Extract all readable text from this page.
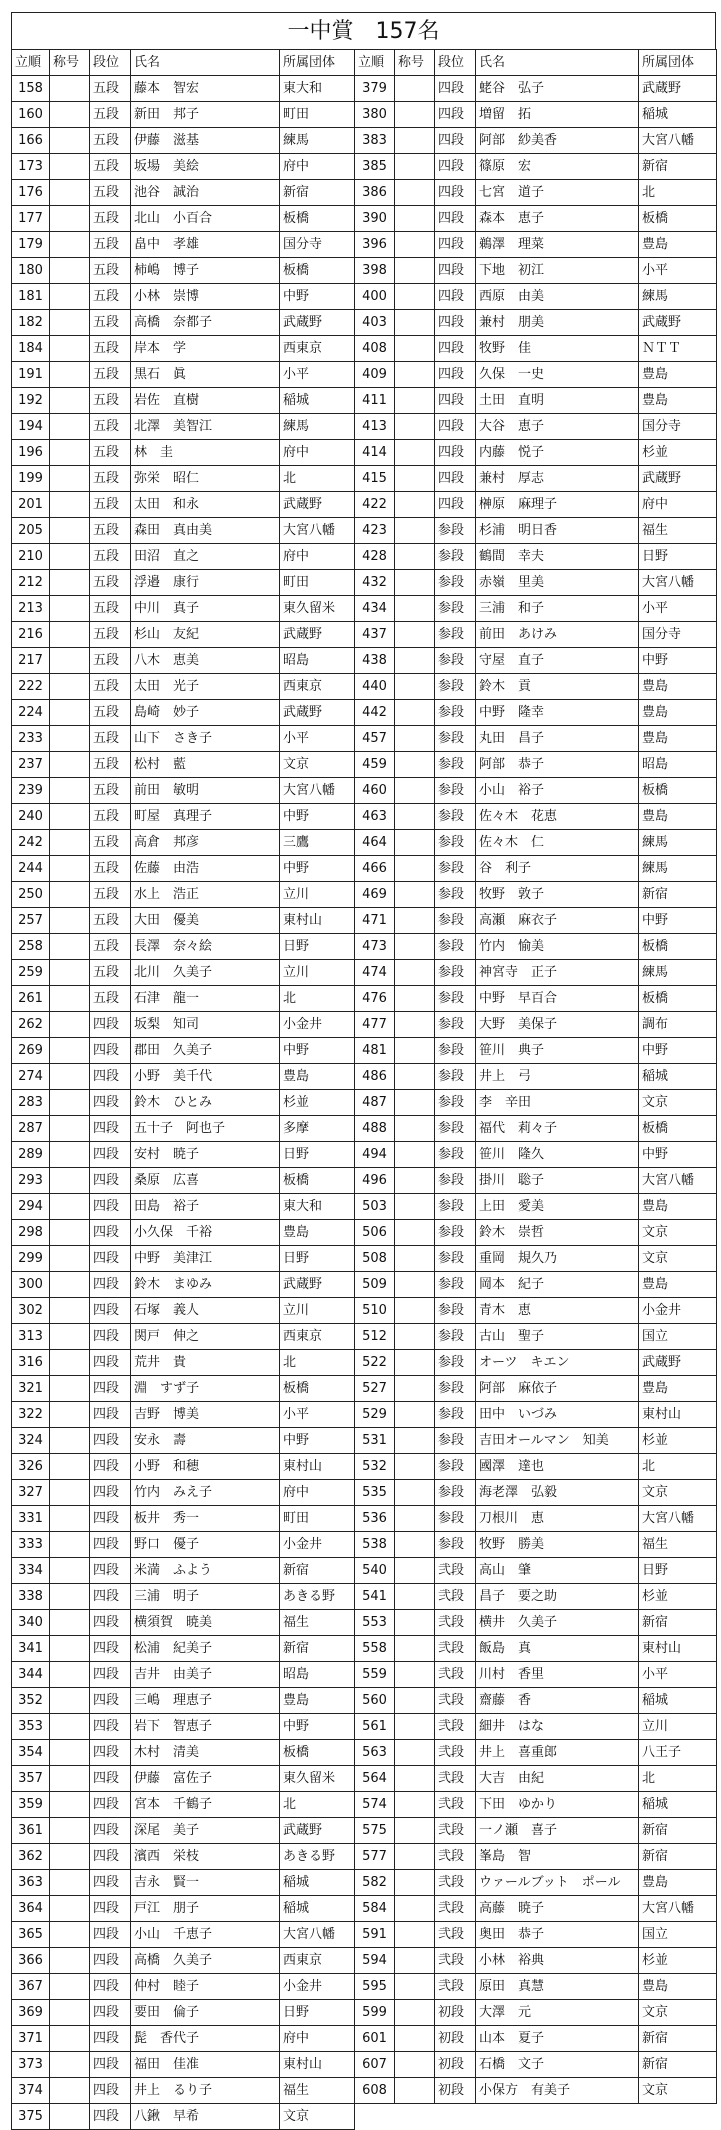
一中賞　157名
立順	称号	段位	氏名	所属団体	立順	称号	段位	氏名	所属団体
158		五段	藤本　智宏	東大和	379		四段	蛯谷　弘子	武蔵野
160		五段	新田　邦子	町田	380		四段	増留　拓	稲城
166		五段	伊藤　滋基	練馬	383		四段	阿部　紗美香	大宮八幡
173		五段	坂場　美絵	府中	385		四段	篠原　宏	新宿
176		五段	池谷　誠治	新宿	386		四段	七宮　道子	北
177		五段	北山　小百合	板橋	390		四段	森本　恵子	板橋
179		五段	畠中　孝雄	国分寺	396		四段	鵜澤　理菜	豊島
180		五段	柿嶋　博子	板橋	398		四段	下地　初江	小平
181		五段	小林　崇博	中野	400		四段	西原　由美	練馬
182		五段	高橋　奈都子	武蔵野	403		四段	兼村　朋美	武蔵野
184		五段	岸本　学	西東京	408		四段	牧野　佳	ＮＴＴ
191		五段	黒石　眞	小平	409		四段	久保　一史	豊島
192		五段	岩佐　直樹	稲城	411		四段	土田　直明	豊島
194		五段	北澤　美智江	練馬	413		四段	大谷　恵子	国分寺
196		五段	林　圭	府中	414		四段	内藤　悦子	杉並
199		五段	弥栄　昭仁	北	415		四段	兼村　厚志	武蔵野
201		五段	太田　和永	武蔵野	422		四段	榊原　麻理子	府中
205		五段	森田　真由美	大宮八幡	423		参段	杉浦　明日香	福生
210		五段	田沼　直之	府中	428		参段	鶴間　幸夫	日野
212		五段	浮邉　康行	町田	432		参段	赤嶺　里美	大宮八幡
213		五段	中川　真子	東久留米	434		参段	三浦　和子	小平
216		五段	杉山　友紀	武蔵野	437		参段	前田　あけみ	国分寺
217		五段	八木　恵美	昭島	438		参段	守屋　直子	中野
222		五段	太田　光子	西東京	440		参段	鈴木　貢	豊島
224		五段	島崎　妙子	武蔵野	442		参段	中野　隆幸	豊島
233		五段	山下　さき子	小平	457		参段	丸田　昌子	豊島
237		五段	松村　藍	文京	459		参段	阿部　恭子	昭島
239		五段	前田　敏明	大宮八幡	460		参段	小山　裕子	板橋
240		五段	町屋　真理子	中野	463		参段	佐々木　花恵	豊島
242		五段	高倉　邦彦	三鷹	464		参段	佐々木　仁	練馬
244		五段	佐藤　由浩	中野	466		参段	谷　利子	練馬
250		五段	水上　浩正	立川	469		参段	牧野　敦子	新宿
257		五段	大田　優美	東村山	471		参段	高瀬　麻衣子	中野
258		五段	長澤　奈々絵	日野	473		参段	竹内　愉美	板橋
259		五段	北川　久美子	立川	474		参段	神宮寺　正子	練馬
261		五段	石津　龍一	北	476		参段	中野　早百合	板橋
262		四段	坂梨　知司	小金井	477		参段	大野　美保子	調布
269		四段	郡田　久美子	中野	481		参段	笹川　典子	中野
274		四段	小野　美千代	豊島	486		参段	井上　弓	稲城
283		四段	鈴木　ひとみ	杉並	487		参段	李　辛田	文京
287		四段	五十子　阿也子	多摩	488		参段	福代　莉々子	板橋
289		四段	安村　暁子	日野	494		参段	笹川　隆久	中野
293		四段	桑原　広喜	板橋	496		参段	掛川　聡子	大宮八幡
294		四段	田島　裕子	東大和	503		参段	上田　愛美	豊島
298		四段	小久保　千裕	豊島	506		参段	鈴木　崇哲	文京
299		四段	中野　美津江	日野	508		参段	重岡　規久乃	文京
300		四段	鈴木　まゆみ	武蔵野	509		参段	岡本　紀子	豊島
302		四段	石塚　義人	立川	510		参段	青木　恵	小金井
313		四段	関戸　伸之	西東京	512		参段	古山　聖子	国立
316		四段	荒井　貴	北	522		参段	オーツ　キエン	武蔵野
321		四段	淵　すず子	板橋	527		参段	阿部　麻依子	豊島
322		四段	吉野　博美	小平	529		参段	田中　いづみ	東村山
324		四段	安永　壽	中野	531		参段	吉田オールマン　知美	杉並
326		四段	小野　和穂	東村山	532		参段	國澤　達也	北
327		四段	竹内　みえ子	府中	535		参段	海老澤　弘毅	文京
331		四段	板井　秀一	町田	536		参段	刀根川　恵	大宮八幡
333		四段	野口　優子	小金井	538		参段	牧野　勝美	福生
334		四段	米満　ふよう	新宿	540		弐段	高山　肇	日野
338		四段	三浦　明子	あきる野	541		弐段	昌子　要之助	杉並
340		四段	横須賀　暁美	福生	553		弐段	横井　久美子	新宿
341		四段	松浦　紀美子	新宿	558		弐段	飯島　真	東村山
344		四段	吉井　由美子	昭島	559		弐段	川村　香里	小平
352		四段	三嶋　理恵子	豊島	560		弐段	齋藤　香	稲城
353		四段	岩下　智恵子	中野	561		弐段	細井　はな	立川
354		四段	木村　清美	板橋	563		弐段	井上　喜重郎	八王子
357		四段	伊藤　富佐子	東久留米	564		弐段	大吉　由紀	北
359		四段	宮本　千鶴子	北	574		弐段	下田　ゆかり	稲城
361		四段	深尾　美子	武蔵野	575		弐段	一ノ瀬　喜子	新宿
362		四段	濱西　栄枝	あきる野	577		弐段	峯島　智	新宿
363		四段	吉永　賢一	稲城	582		弐段	ウァールブット　ポール	豊島
364		四段	戸江　朋子	稲城	584		弐段	高藤　暁子	大宮八幡
365		四段	小山　千恵子	大宮八幡	591		弐段	奥田　恭子	国立
366		四段	高橋　久美子	西東京	594		弐段	小林　裕典	杉並
367		四段	仲村　睦子	小金井	595		弐段	原田　真慧	豊島
369		四段	要田　倫子	日野	599		初段	大澤　元	文京
371		四段	髭　香代子	府中	601		初段	山本　夏子	新宿
373		四段	福田　佳准	東村山	607		初段	石橋　文子	新宿
374		四段	井上　るり子	福生	608		初段	小保方　有美子	文京
375		四段	八鍬　早希	文京					
